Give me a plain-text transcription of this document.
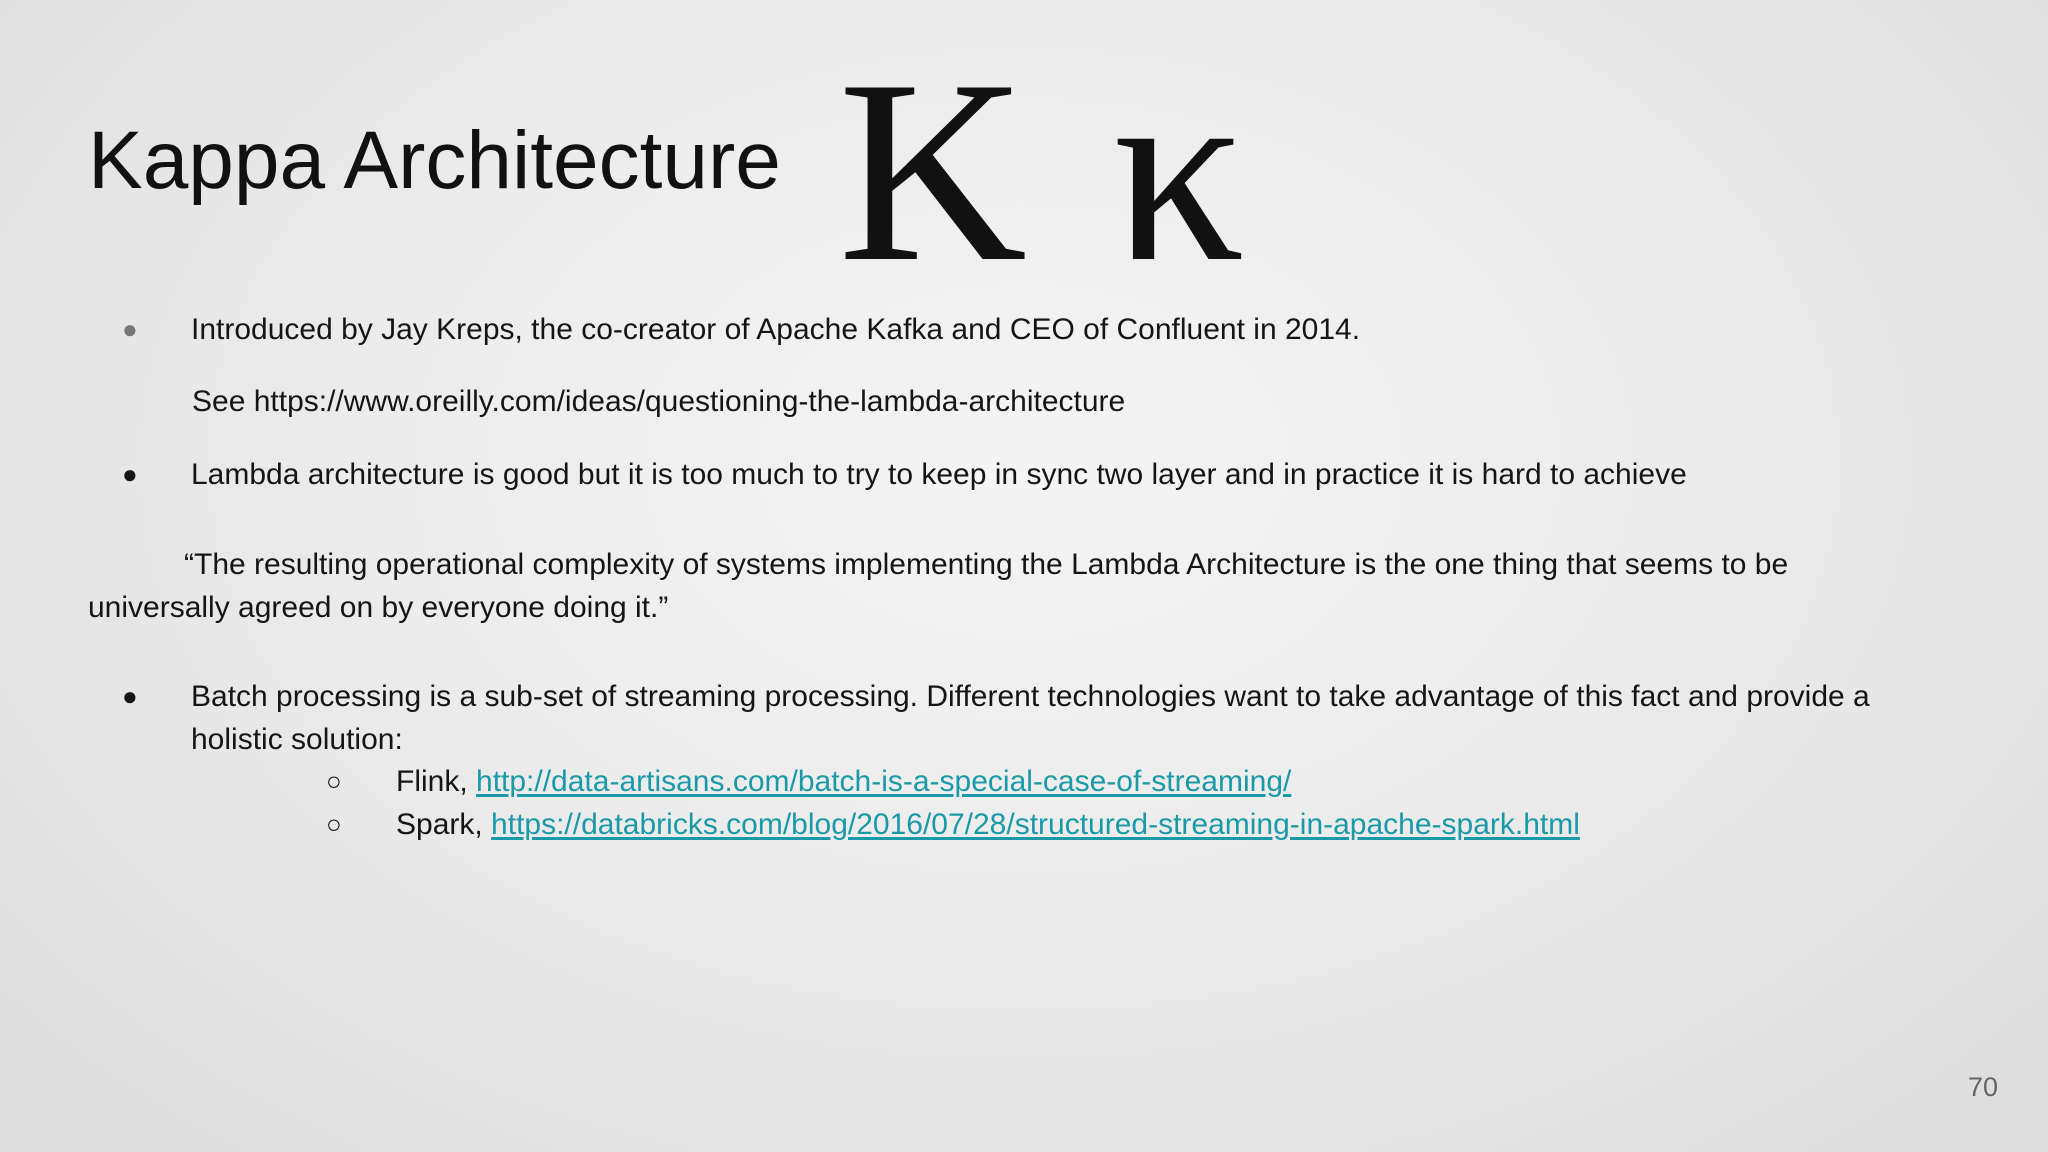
Kappa Architecture Κ κ
● Introduced by Jay Kreps, the co-creator of Apache Kafka and CEO of Confluent in 2014.
See https://www.oreilly.com/ideas/questioning-the-lambda-architecture
● Lambda architecture is good but it is too much to try to keep in sync two layer and in practice it is hard to achieve
“The resulting operational complexity of systems implementing the Lambda Architecture is the one thing that seems to be
universally agreed on by everyone doing it.”
● Batch processing is a sub-set of streaming processing. Different technologies want to take advantage of this fact and provide a
holistic solution:
○ Flink, http://data-artisans.com/batch-is-a-special-case-of-streaming/
○ Spark, https://databricks.com/blog/2016/07/28/structured-streaming-in-apache-spark.html
70
